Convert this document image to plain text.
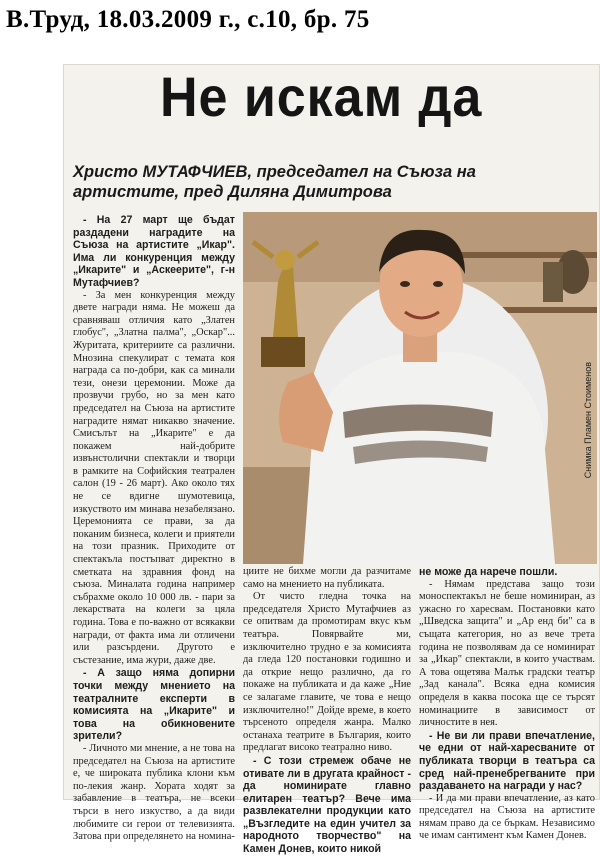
В.Труд, 18.03.2009 г., с.10, бр. 75
Не искам да
Христо МУТАФЧИЕВ, председател на Съюза на артистите, пред Диляна Димитрова
Снимка Пламен Стоименов

- На 27 март ще бъдат раздадени наградите на Съюза на артистите „Икар". Има ли конкуренция между „Икарите" и „Аскеерите", г-н Мутафчиев?

- За мен конкуренция между двете награди няма. Не можеш да сравняваш отличия като „Златен глобус", „Златна палма", „Оскар"... Журитата, критериите са различни. Мнозина спекулират с темата коя награда са по-добри, как са минали тези, онези церемонии. Може да прозвучи грубо, но за мен като председател на Съюза на артистите наградите нямат никакво значение. Смисълът на „Икарите" е да покажем най-добрите извънстолични спектакли и творци в рамките на Софийския театрален салон (19 - 26 март). Ако около тях не се вдигне шумотевица, изкуството им минава незабелязано. Церемонията се прави, за да поканим бизнеса, колеги и приятели на този празник. Приходите от спектакъла постъпват директно в сметката на здравния фонд на съюза. Миналата година например събрахме около 10 000 лв. - пари за лекарствата на колеги за цяла година. Това е по-важно от всякакви награди, от факта има ли отличени или разсърдени. Другото е състезание, има жури, даже две.

- А защо няма допирни точки между мнението на театралните експерти в комисията на „Икарите" и това на обикновените зрители?

- Личното ми мнение, а не това на председател на Съюза на артистите е, че широката публика клони към по-лекия жанр. Хората ходят за забавление в театъра, не всеки търси в него изкуство, а да види любимите си герои от телевизията. Затова при определянето на номина-

циите не бихме могли да разчитаме само на мнението на публиката.

От чисто гледна точка на председателя Христо Мутафчиев аз се опитвам да промотирам вкус към театъра. Повярвайте ми, изключително трудно е за комисията да гледа 120 постановки годишно и да открие нещо различно, да го покаже на публиката и да каже „Ние се залагаме главите, че това е нещо изключително!" Дойде време, в което търсеното определя жанра. Малко останаха театрите в България, които предлагат високо театрално ниво.

- С този стремеж обаче не отивате ли в другата крайност - да номинирате главно елитарен театър? Вече има развлекателни продукции като „Възгледите на един учител за народното творчество" на Камен Донев, които никой

не може да нарече пошли.

- Нямам представа защо този моноспектакъл не беше номиниран, аз ужасно го харесвам. Постановки като „Шведска защита" и „Ар енд би" са в същата категория, но аз вече трета година не позволявам да се номинират за „Икар" спектакли, в които участвам. А това ощетява Малък градски театър „Зад канала". Всяка една комисия определя в каква посока ще се търсят номинациите в зависимост от личностите в нея.

- Не ви ли прави впечатление, че едни от най-харесваните от публиката творци в театъра са сред най-пренебрегваните при раздаването на награди у нас?

- И да ми прави впечатление, аз като председател на Съюза на артистите нямам право да се бъркам. Независимо че имам сантимент към Камен Донев.
